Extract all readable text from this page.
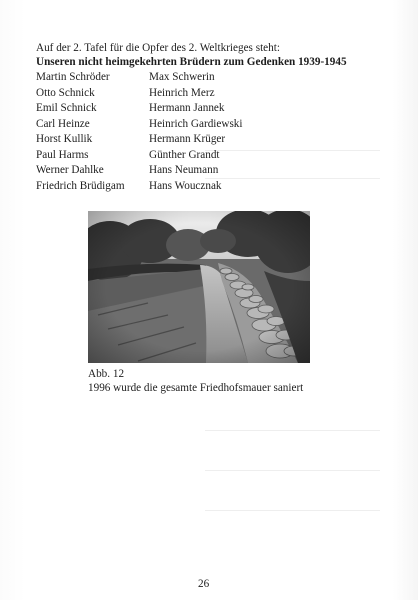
Auf der 2. Tafel für die Opfer des 2. Weltkrieges steht:
Unseren nicht heimgekehrten Brüdern zum Gedenken 1939-1945
Martin Schröder	Max Schwerin
Otto Schnick	Heinrich Merz
Emil Schnick	Hermann Jannek
Carl Heinze	Heinrich Gardiewski
Horst Kullik	Hermann Krüger
Paul Harms	Günther Grandt
Werner Dahlke	Hans Neumann
Friedrich Brüdigam	Hans Woucznak
Abb. 12
1996 wurde die gesamte Friedhofsmauer saniert
26
